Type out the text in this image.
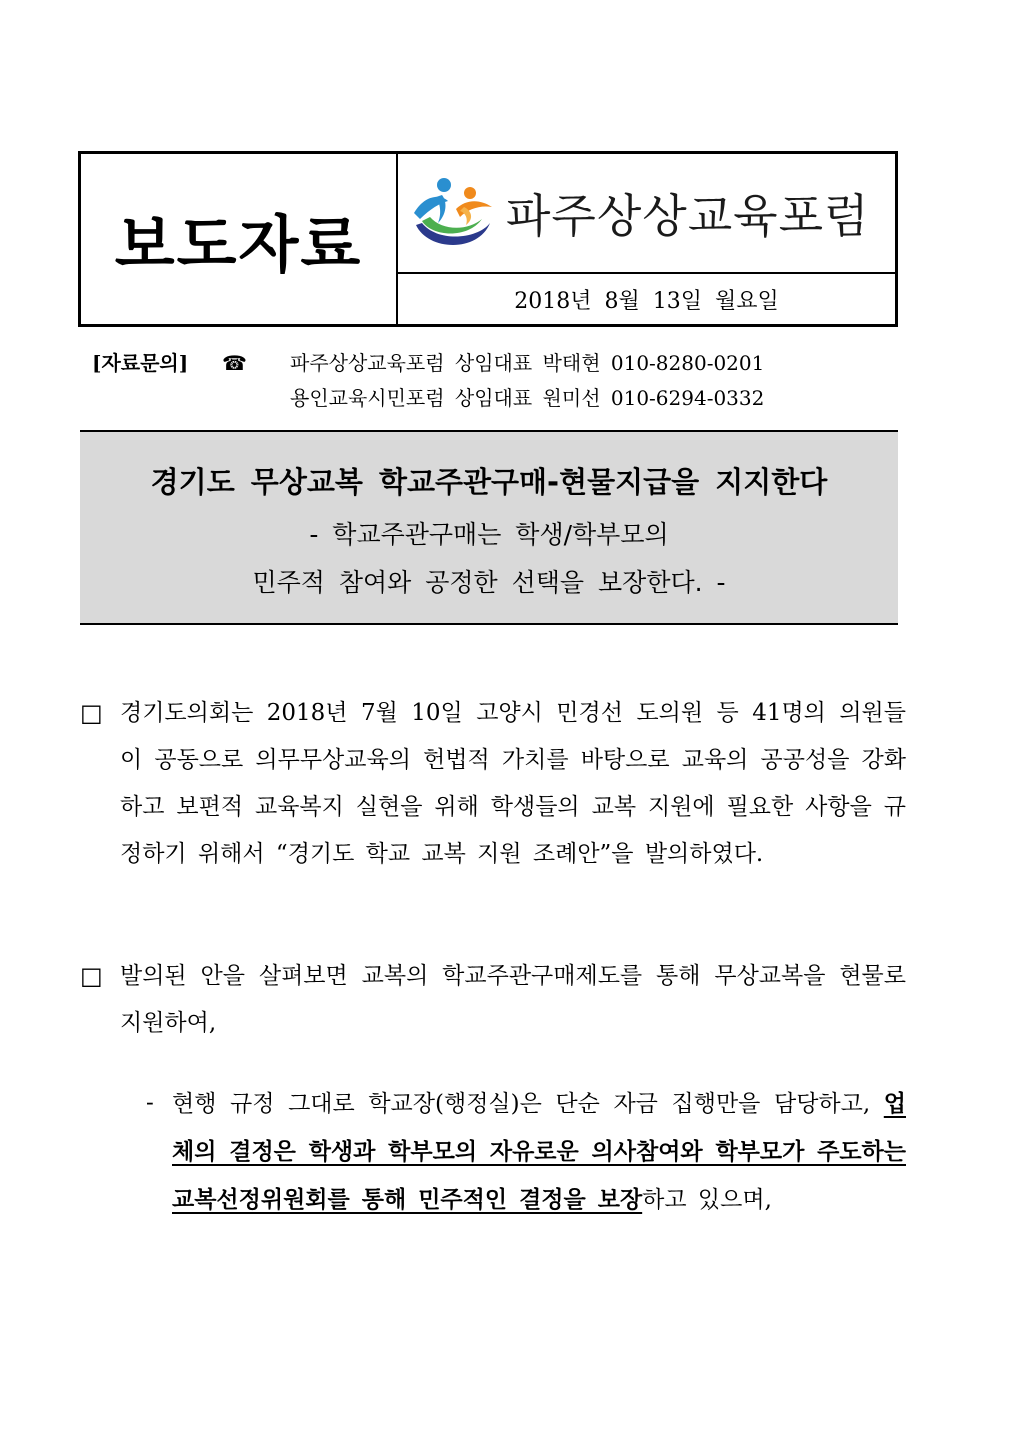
보도자료	파주상상교육포럼
2018년 8월 13일 월요일
[자료문의]	☎	파주상상교육포럼 상임대표 박태현 010-8280-0201
용인교육시민포럼 상임대표 원미선 010-6294-0332
경기도 무상교복 학교주관구매-현물지급을 지지한다
- 학교주관구매는 학생/학부모의
민주적 참여와 공정한 선택을 보장한다. -
□ 경기도의회는 2018년 7월 10일 고양시 민경선 도의원 등 41명의 의원들이 공동으로 의무무상교육의 헌법적 가치를 바탕으로 교육의 공공성을 강화하고 보편적 교육복지 실현을 위해 학생들의 교복 지원에 필요한 사항을 규정하기 위해서 “경기도 학교 교복 지원 조례안”을 발의하였다.
□ 발의된 안을 살펴보면 교복의 학교주관구매제도를 통해 무상교복을 현물로 지원하여,
- 현행 규정 그대로 학교장(행정실)은 단순 자금 집행만을 담당하고, 업체의 결정은 학생과 학부모의 자유로운 의사참여와 학부모가 주도하는 교복선정위원회를 통해 민주적인 결정을 보장하고 있으며,
